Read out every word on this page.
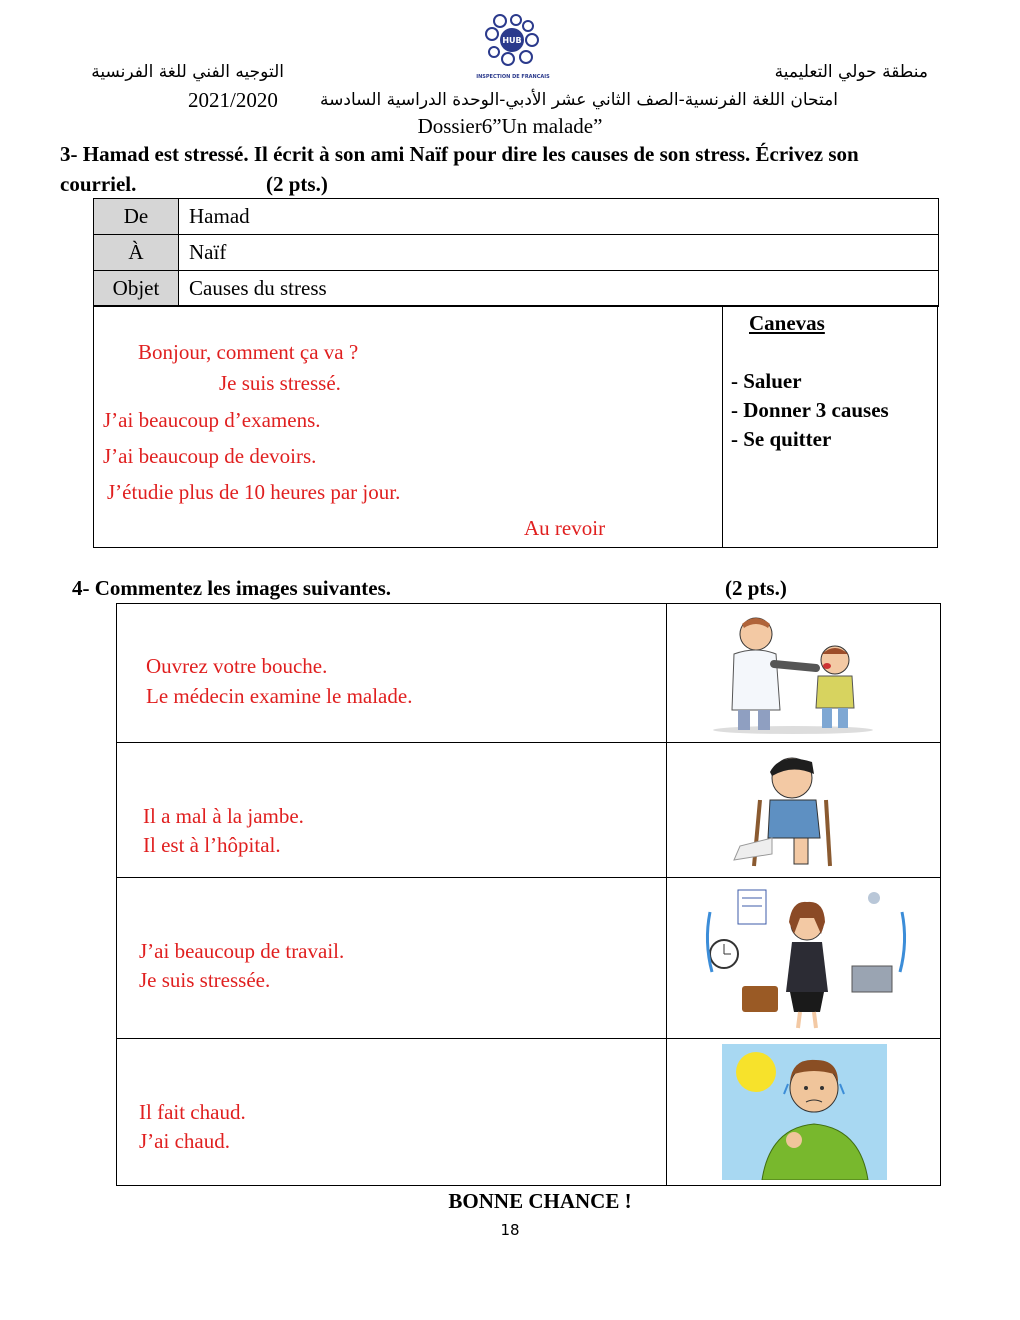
HUB
INSPECTION DE FRANCAIS
التوجيه الفني للغة الفرنسية	منطقة حولي التعليمية
2021/2020 امتحان اللغة الفرنسية-الصف الثاني عشر الأدبي-الوحدة الدراسية السادسة
Dossier6”Un malade”
3- Hamad est stressé. Il écrit à son ami Naïf pour dire les causes de son stress. Écrivez son
courriel.	(2 pts.)
De	Hamad
À	Naïf
Objet	Causes du stress
Bonjour, comment ça va ?
Je suis stressé.
J’ai beaucoup d’examens.
J’ai beaucoup de devoirs.
J’étudie plus de 10 heures par jour.
Au revoir
Canevas
- Saluer
- Donner 3 causes
- Se quitter
4- Commentez les images suivantes.	(2 pts.)
Ouvrez votre bouche.
Le médecin examine le malade.
Il a mal à la jambe.
Il est à l’hôpital.
J’ai beaucoup de travail.
Je suis stressée.
Il fait chaud.
J’ai chaud.
BONNE CHANCE !
18
